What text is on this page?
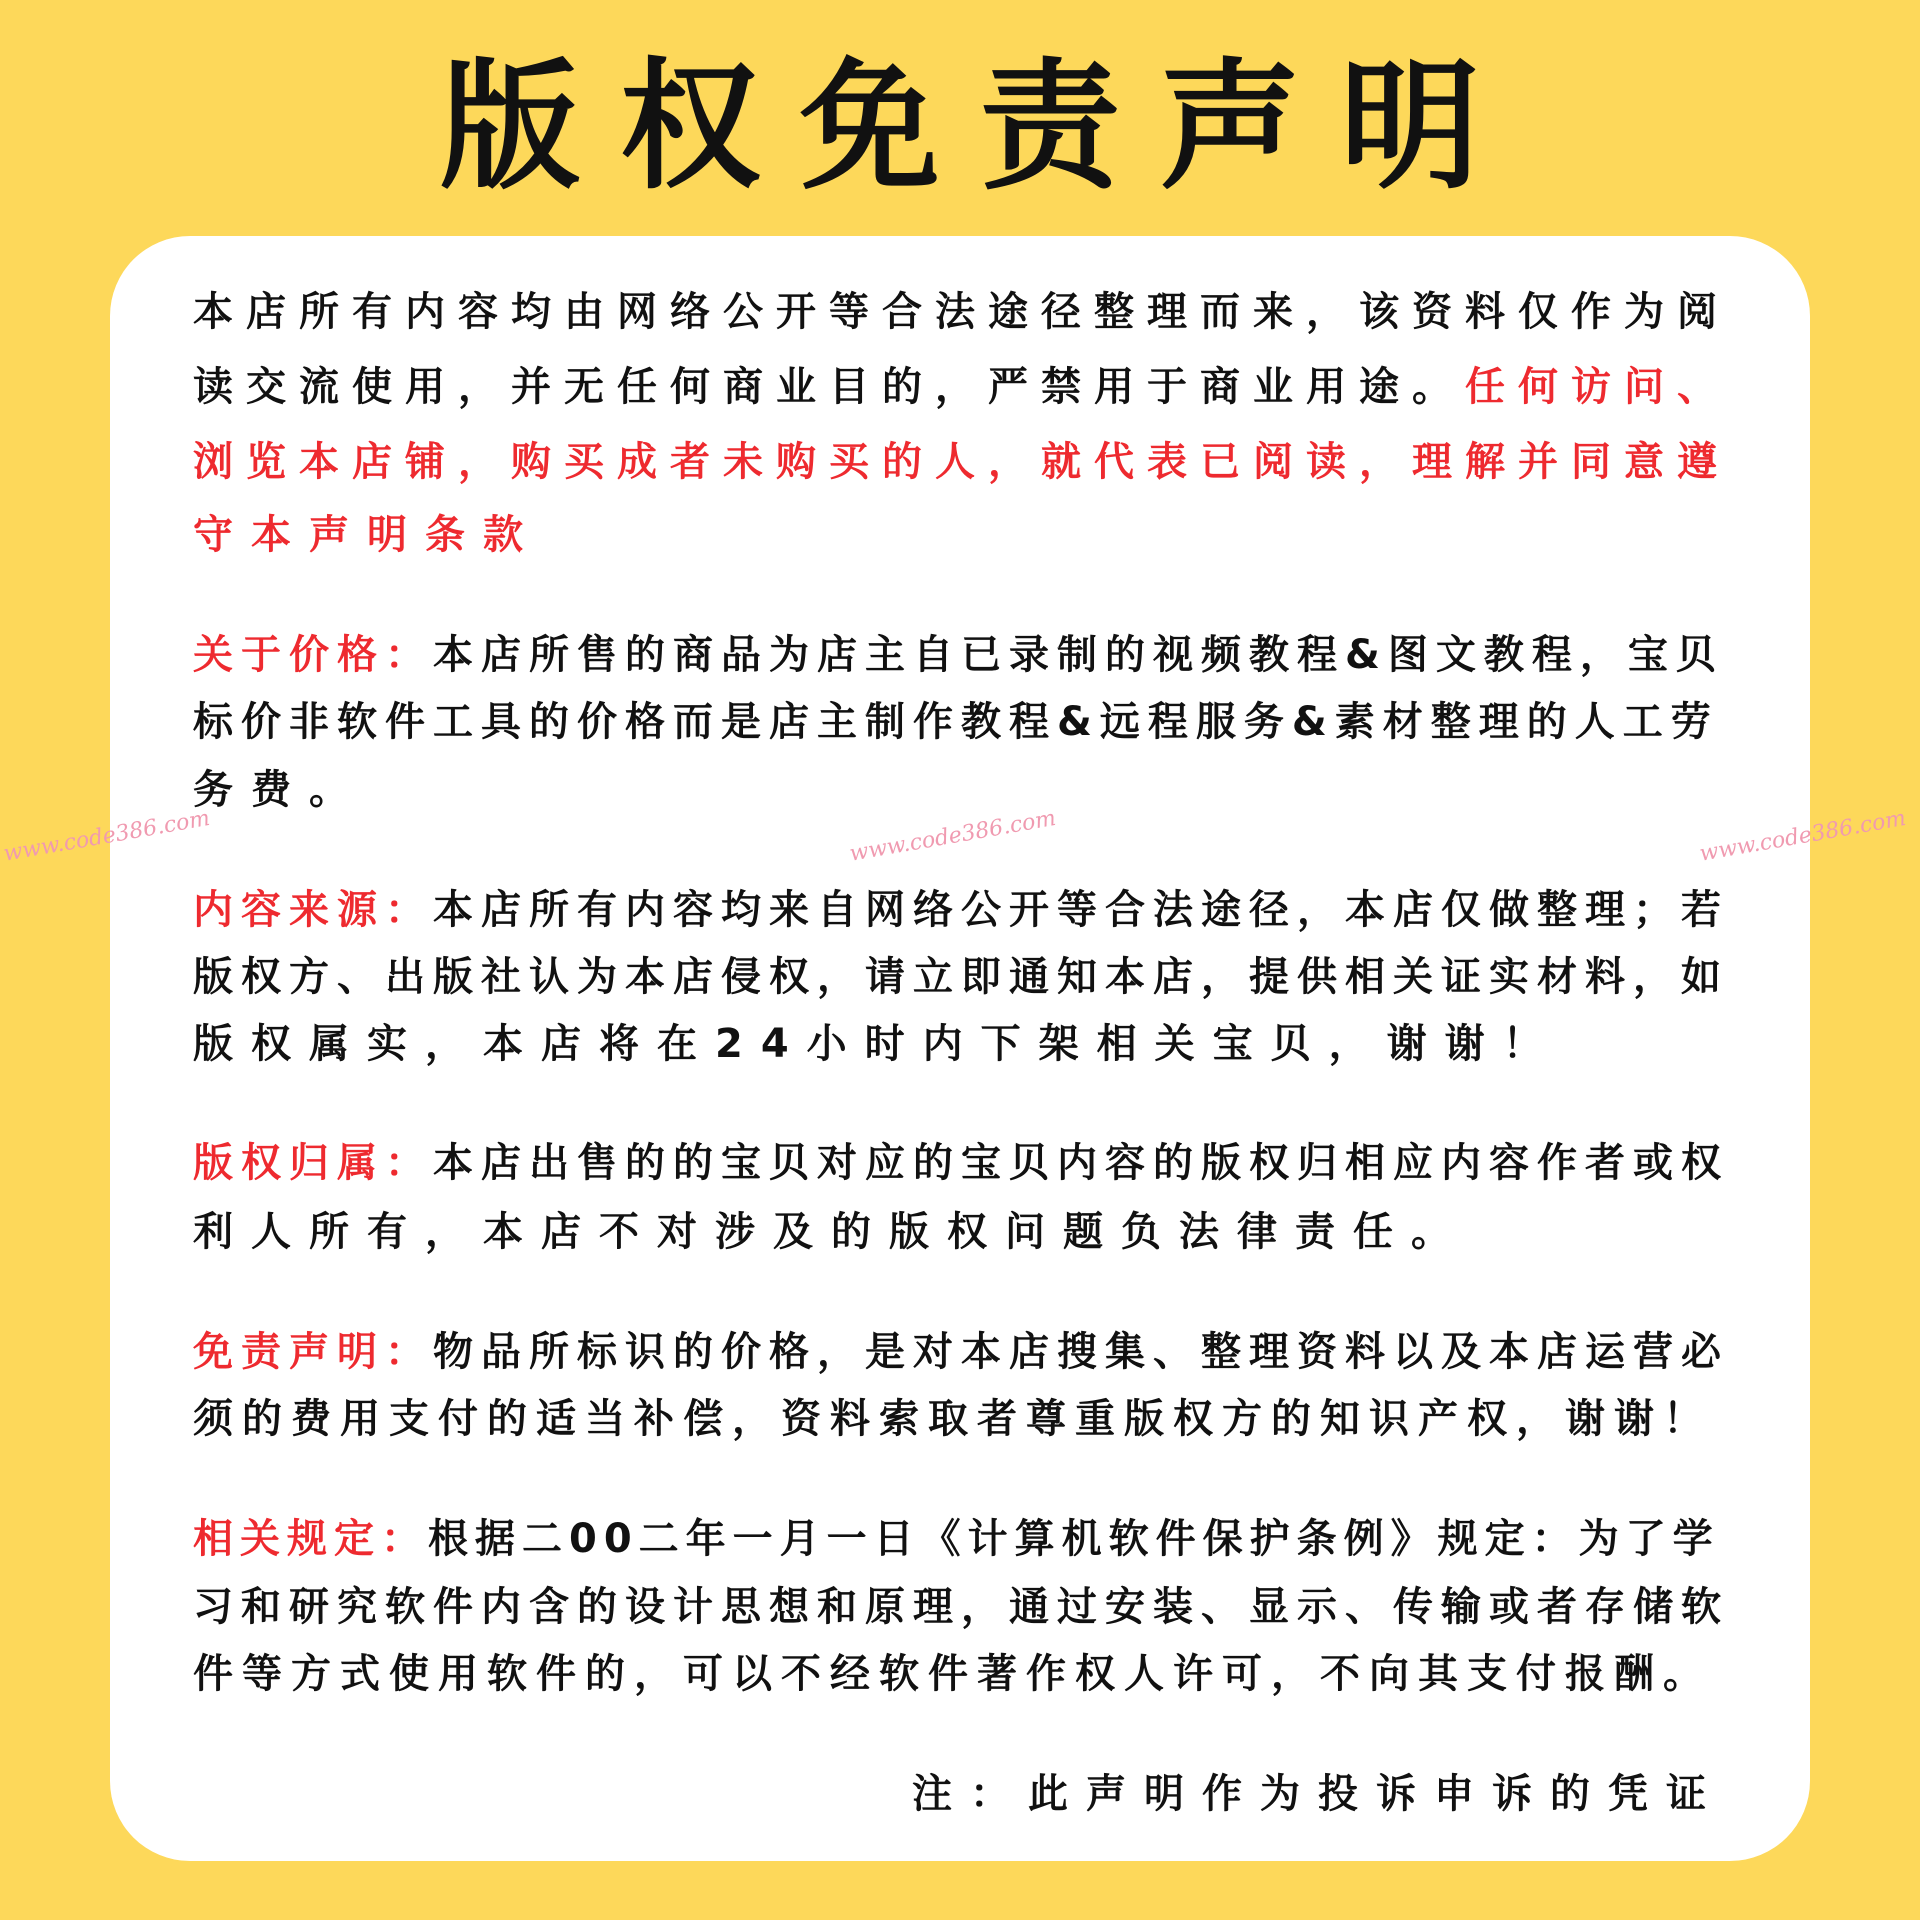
版权免责声明
本店所有内容均由网络公开等合法途径整理而来，该资料仅作为阅
读交流使用，并无任何商业目的，严禁用于商业用途。任何访问、
浏览本店铺，购买成者未购买的人，就代表已阅读，理解并同意遵
守本声明条款
关于价格：本店所售的商品为店主自已录制的视频教程&图文教程，宝贝
标价非软件工具的价格而是店主制作教程&远程服务&素材整理的人工劳
务费。
内容来源：本店所有内容均来自网络公开等合法途径，本店仅做整理；若
版权方、出版社认为本店侵权，请立即通知本店，提供相关证实材料，如
版权属实，本店将在24小时内下架相关宝贝，谢谢！
版权归属：本店出售的的宝贝对应的宝贝内容的版权归相应内容作者或权
利人所有，本店不对涉及的版权问题负法律责任。
免责声明：物品所标识的价格，是对本店搜集、整理资料以及本店运营必
须的费用支付的适当补偿，资料索取者尊重版权方的知识产权，谢谢！
相关规定：根据二00二年一月一日《计算机软件保护条例》规定：为了学
习和研究软件内含的设计思想和原理，通过安装、显示、传输或者存储软
件等方式使用软件的，可以不经软件著作权人许可，不向其支付报酬。
注：此声明作为投诉申诉的凭证
www.code386.com	www.code386.com	www.code386.com
